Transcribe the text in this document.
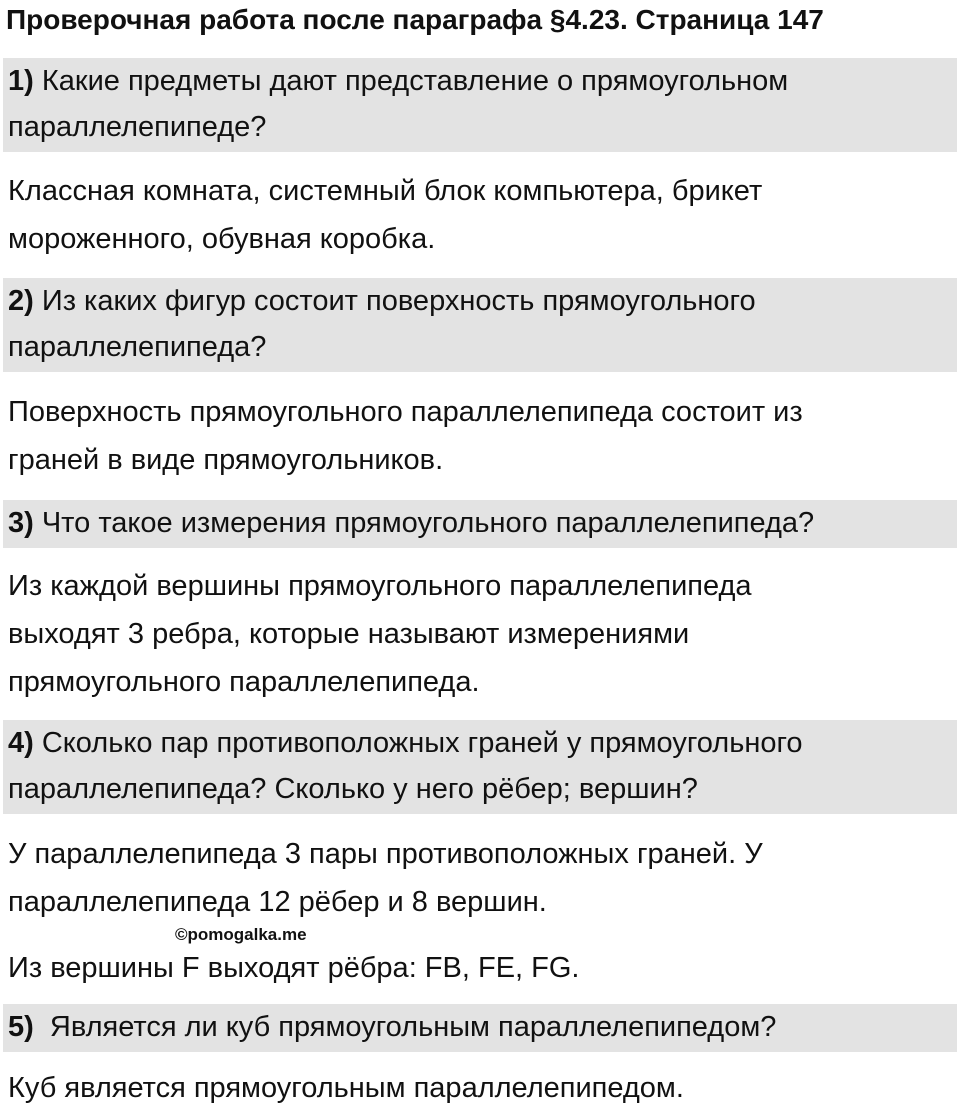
Проверочная работа после параграфа §4.23. Страница 147
1) Какие предметы дают представление о прямоугольном
параллелепипеде?
Классная комната, системный блок компьютера, брикет
мороженного, обувная коробка.
2) Из каких фигур состоит поверхность прямоугольного
параллелепипеда?
Поверхность прямоугольного параллелепипеда состоит из
граней в виде прямоугольников.
3) Что такое измерения прямоугольного параллелепипеда?
Из каждой вершины прямоугольного параллелепипеда
выходят 3 ребра, которые называют измерениями
прямоугольного параллелепипеда.
4) Сколько пар противоположных граней у прямоугольного
параллелепипеда? Сколько у него рёбер; вершин?
У параллелепипеда 3 пары противоположных граней. У
параллелепипеда 12 рёбер и 8 вершин.
Из вершины F выходят рёбра: FB, FE, FG.
©pomogalka.me
5)  Является ли куб прямоугольным параллелепипедом?
Куб является прямоугольным параллелепипедом.
